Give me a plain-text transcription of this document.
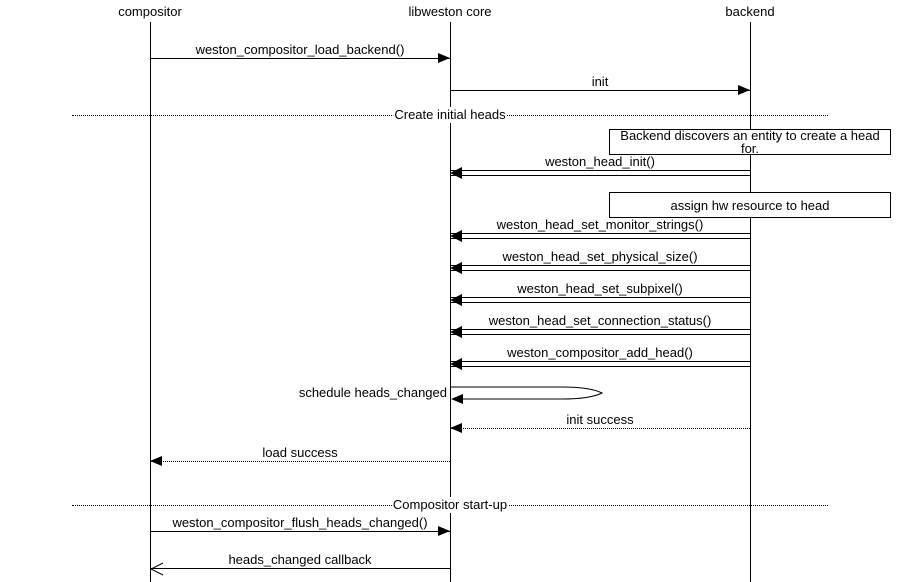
compositor	libweston core	backend
weston_compositor_load_backend()
init
Create initial heads
Backend discovers an entity to create a head for.
weston_head_init()
assign hw resource to head
weston_head_set_monitor_strings()
weston_head_set_physical_size()
weston_head_set_subpixel()
weston_head_set_connection_status()
weston_compositor_add_head()
schedule heads_changed
init success
load success
Compositor start-up
weston_compositor_flush_heads_changed()
heads_changed callback
